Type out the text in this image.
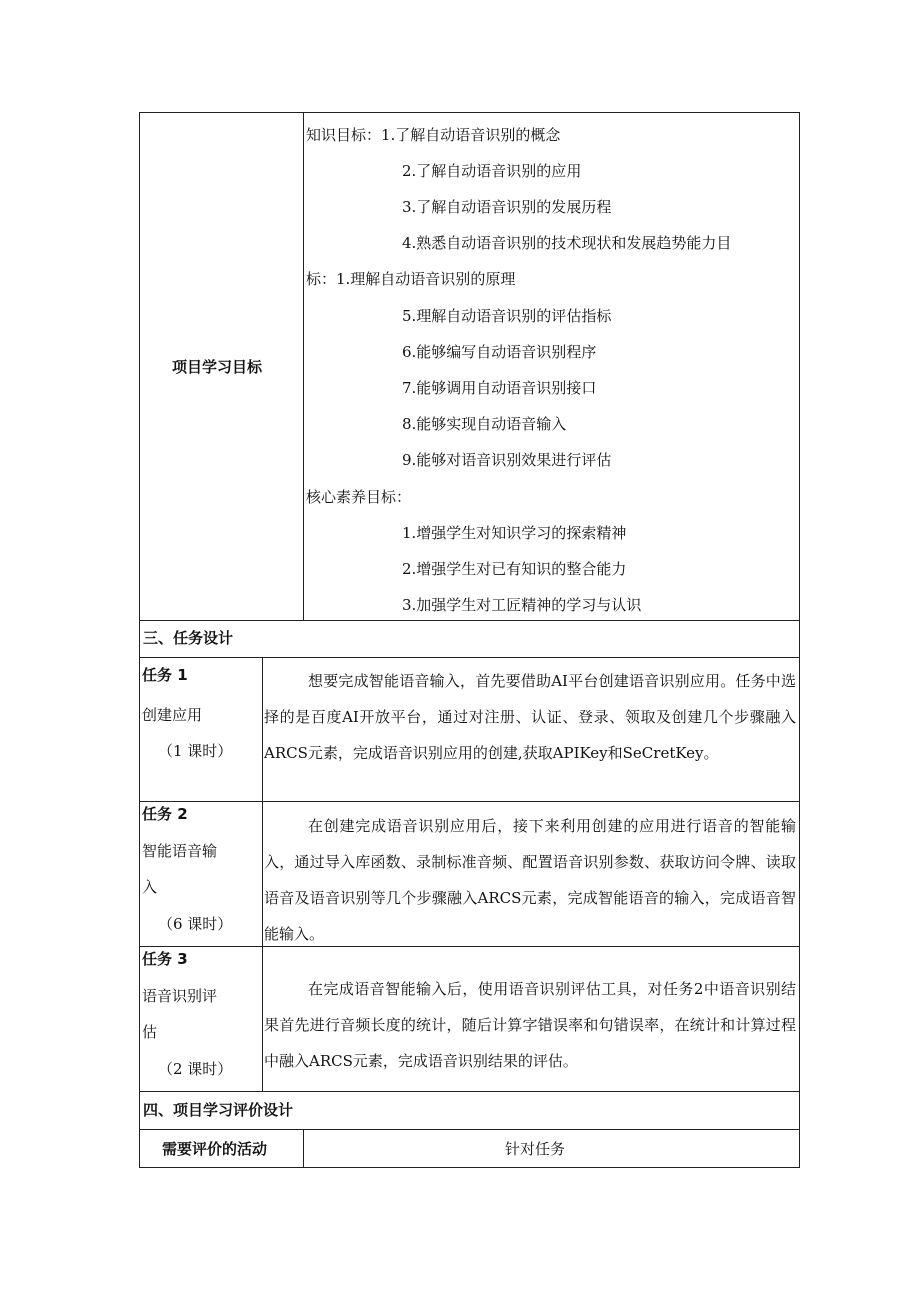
项目学习目标
知识目标：1.了解自动语音识别的概念
2.了解自动语音识别的应用
3.了解自动语音识别的发展历程
4.熟悉自动语音识别的技术现状和发展趋势能力目
标：1.理解自动语音识别的原理
5.理解自动语音识别的评估指标
6.能够编写自动语音识别程序
7.能够调用自动语音识别接口
8.能够实现自动语音输入
9.能够对语音识别效果进行评估
核心素养目标：
1.增强学生对知识学习的探索精神
2.增强学生对已有知识的整合能力
3.加强学生对工匠精神的学习与认识
三、任务设计
任务 1
创建应用
（1 课时）
想要完成智能语音输入，首先要借助AI平台创建语音识别应用。任务中选择的是百度AI开放平台，通过对注册、认证、登录、领取及创建几个步骤融入ARCS元素，完成语音识别应用的创建,获取APIKey和SeCretKey。
任务 2
智能语音输
入
（6 课时）
在创建完成语音识别应用后，接下来利用创建的应用进行语音的智能输入，通过导入库函数、录制标准音频、配置语音识别参数、获取访问令牌、读取语音及语音识别等几个步骤融入ARCS元素，完成智能语音的输入，完成语音智能输入。
任务 3
语音识别评
估
（2 课时）
在完成语音智能输入后，使用语音识别评估工具，对任务2中语音识别结果首先进行音频长度的统计，随后计算字错误率和句错误率，在统计和计算过程中融入ARCS元素，完成语音识别结果的评估。
四、项目学习评价设计
需要评价的活动	针对任务
